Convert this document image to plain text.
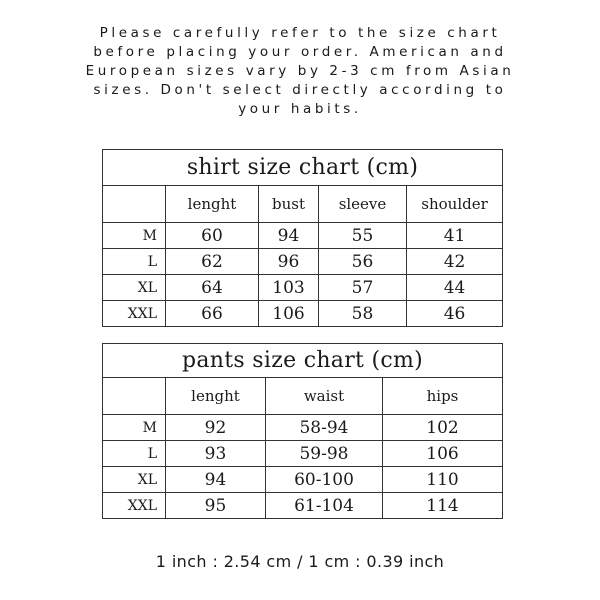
Please carefully refer to the size chart
before placing your order. American and
European sizes vary by 2-3 cm from Asian
sizes. Don't select directly according to
your habits.
shirt size chart (cm)				
	lenght	bust	sleeve	shoulder
M	60	94	55	41
L	62	96	56	42
XL	64	103	57	44
XXL	66	106	58	46
pants size chart (cm)			
	lenght	waist	hips
M	92	58-94	102
L	93	59-98	106
XL	94	60-100	110
XXL	95	61-104	114
1 inch : 2.54 cm / 1 cm : 0.39 inch
